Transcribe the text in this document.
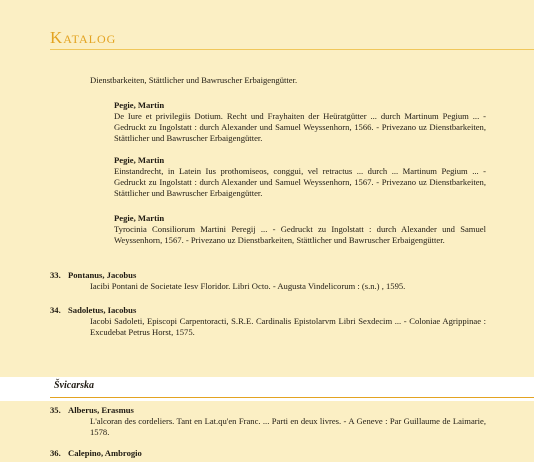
Katalog
Dienstbarkeiten, Stättlicher und Bawruscher Erbaigengütter.
Pegie, Martin
De Iure et privilegiis Dotium. Recht und Frayhaiten der Heüratgütter ... durch Martinum Pegium ... - Gedruckt zu Ingolstatt : durch Alexander und Samuel Weyssenhorn, 1566. - Privezano uz Dienstbarkeiten, Stättlicher und Bawruscher Erbaigengütter.
Pegie, Martin
Einstandrecht, in Latein Ius prothomiseos, conggui, vel retractus ... durch ... Martinum Pegium ... - Gedruckt zu Ingolstatt : durch Alexander und Samuel Weyssenhorn, 1567. - Privezano uz Dienstbarkeiten, Stättlicher und Bawruscher Erbaigengütter.
Pegie, Martin
Tyrocinia Consiliorum Martini Peregij ... - Gedruckt zu Ingolstatt : durch Alexander und Samuel Weyssenhorn, 1567. - Privezano uz Dienstbarkeiten, Stättlicher und Bawruscher Erbaigengütter.
33. Pontanus, Jacobus
Iacibi Pontani de Societate Iesv Floridor. Libri Octo. - Augusta Vindelicorum : (s.n.) , 1595.
34. Sadoletus, Iacobus
Iacobi Sadoleti, Episcopi Carpentoracti, S.R.E. Cardinalis Epistolarvm Libri Sexdecim ... - Coloniae Agrippinae : Excudebat Petrus Horst, 1575.
Švicarska
35. Alberus, Erasmus
L'alcoran des cordeliers. Tant en Lat.qu'en Franc. ... Parti en deux livres. - A Geneve : Par Guillaume de Laimarie, 1578.
36. Calepino, Ambrogio
